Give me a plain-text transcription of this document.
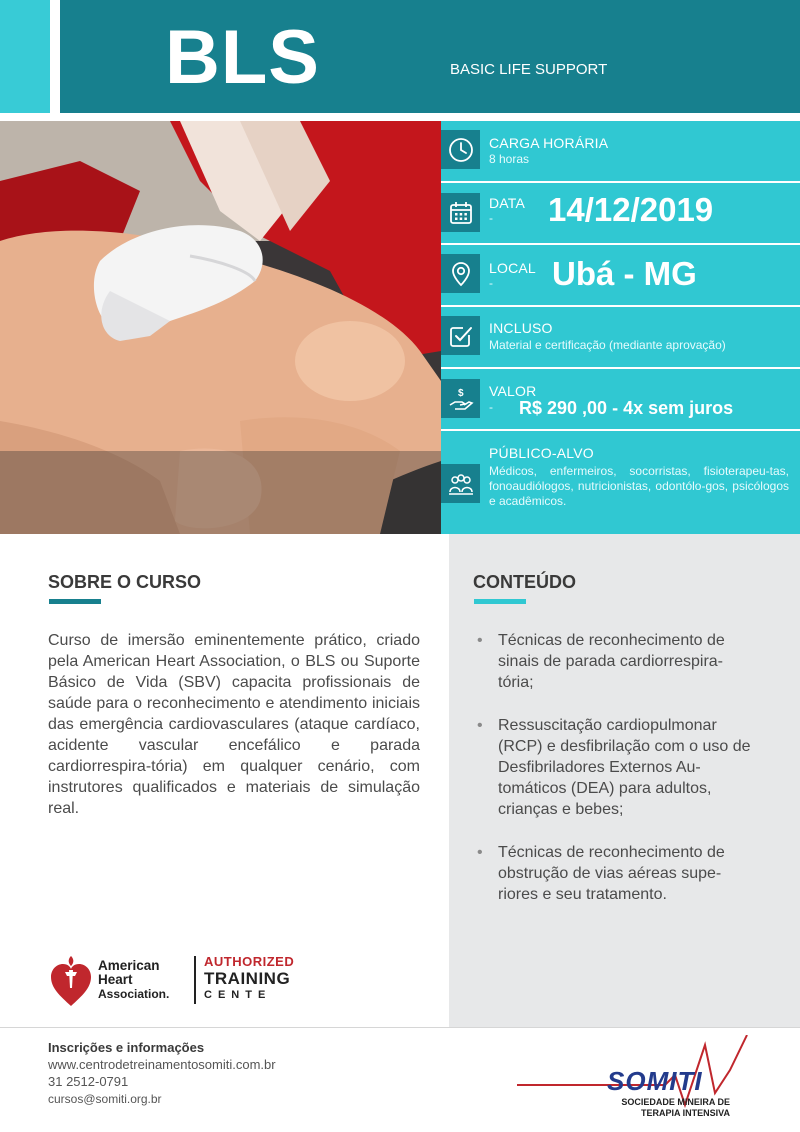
BLS	BASIC LIFE SUPPORT
CARGA HORÁRIA
8 horas
DATA
- 14/12/2019
LOCAL
- Ubá - MG
INCLUSO
Material e certificação (mediante aprovação)
$ VALOR
- R$ 290 ,00 - 4x sem juros
PÚBLICO-ALVO
Médicos, enfermeiros, socorristas, fisioterapeu-tas, fonoaudiólogos, nutricionistas, odontólo-gos, psicólogos e acadêmicos.
SOBRE O CURSO
Curso de imersão eminentemente prático, criado pela American Heart Association, o BLS ou Suporte Básico de Vida (SBV) capacita profissionais de saúde para o reconhecimento e atendimento iniciais das emergência cardiovasculares (ataque cardíaco, acidente vascular encefálico e parada cardiorrespira-tória) em qualquer cenário, com instrutores qualificados e materiais de simulação real.
CONTEÚDO
• Técnicas de reconhecimento de sinais de parada cardiorrespira-tória;
• Ressuscitação cardiopulmonar (RCP) e desfibrilação com o uso de Desfibriladores Externos Au-tomáticos (DEA) para adultos, crianças e bebes;
• Técnicas de reconhecimento de obstrução de vias aéreas supe-riores e seu tratamento.
American
Heart
Association.
AUTHORIZED
TRAINING
CENTE
Inscrições e informações
www.centrodetreinamentosomiti.com.br
31 2512-0791
cursos@somiti.org.br
SOMITI
SOCIEDADE MINEIRA DE
TERAPIA INTENSIVA
